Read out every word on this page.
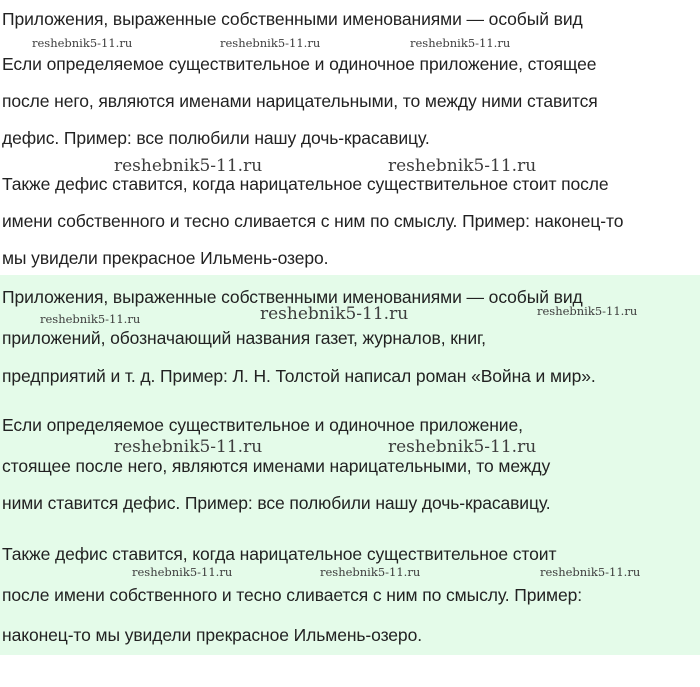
Приложения, выраженные собственными именованиями — особый вид
Если определяемое существительное и одиночное приложение, стоящее
после него, являются именами нарицательными, то между ними ставится
дефис. Пример: все полюбили нашу дочь-красавицу.
Также дефис ставится, когда нарицательное существительное стоит после
имени собственного и тесно сливается с ним по смыслу. Пример: наконец-то
мы увидели прекрасное Ильмень-озеро.
Приложения, выраженные собственными именованиями — особый вид
приложений, обозначающий названия газет, журналов, книг,
предприятий и т. д. Пример: Л. Н. Толстой написал роман «Война и мир».
Если определяемое существительное и одиночное приложение,
стоящее после него, являются именами нарицательными, то между
ними ставится дефис. Пример: все полюбили нашу дочь-красавицу.
Также дефис ставится, когда нарицательное существительное стоит
после имени собственного и тесно сливается с ним по смыслу. Пример:
наконец-то мы увидели прекрасное Ильмень-озеро.
reshebnik5-11.ru	reshebnik5-11.ru	reshebnik5-11.ru
reshebnik5-11.ru	reshebnik5-11.ru
reshebnik5-11.ru	reshebnik5-11.ru	reshebnik5-11.ru
reshebnik5-11.ru	reshebnik5-11.ru
reshebnik5-11.ru	reshebnik5-11.ru	reshebnik5-11.ru
